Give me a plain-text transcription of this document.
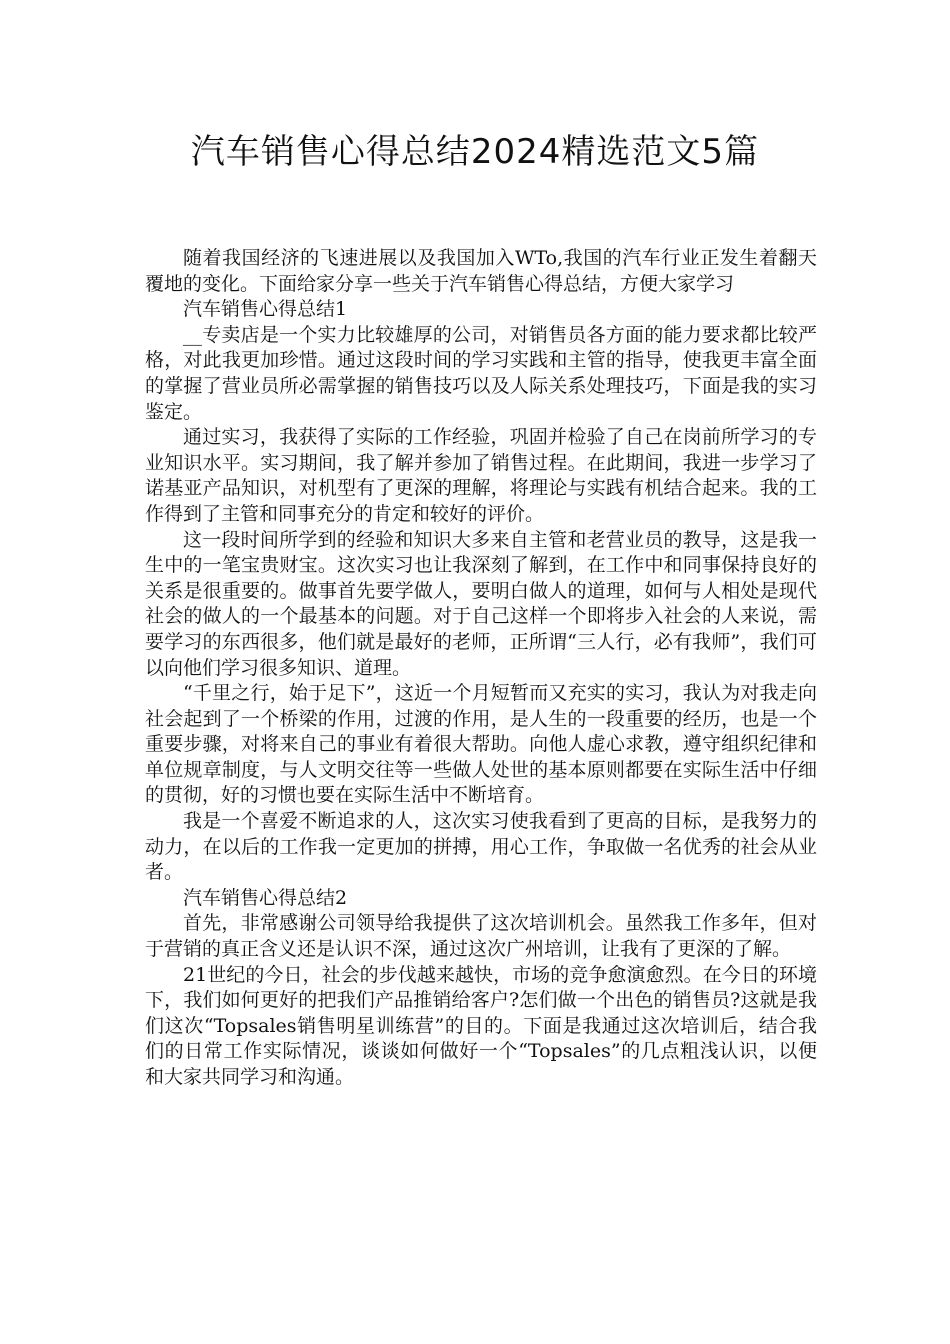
汽车销售心得总结2024精选范文5篇

随着我国经济的飞速进展以及我国加入WTo,我国的汽车行业正发生着翻天覆地的变化。下面给家分享一些关于汽车销售心得总结，方便大家学习

汽车销售心得总结1

__专卖店是一个实力比较雄厚的公司，对销售员各方面的能力要求都比较严格，对此我更加珍惜。通过这段时间的学习实践和主管的指导，使我更丰富全面的掌握了营业员所必需掌握的销售技巧以及人际关系处理技巧，下面是我的实习鉴定。

通过实习，我获得了实际的工作经验，巩固并检验了自己在岗前所学习的专业知识水平。实习期间，我了解并参加了销售过程。在此期间，我进一步学习了诺基亚产品知识，对机型有了更深的理解，将理论与实践有机结合起来。我的工作得到了主管和同事充分的肯定和较好的评价。

这一段时间所学到的经验和知识大多来自主管和老营业员的教导，这是我一生中的一笔宝贵财宝。这次实习也让我深刻了解到，在工作中和同事保持良好的关系是很重要的。做事首先要学做人，要明白做人的道理，如何与人相处是现代社会的做人的一个最基本的问题。对于自己这样一个即将步入社会的人来说，需要学习的东西很多，他们就是最好的老师，正所谓“三人行，必有我师”，我们可以向他们学习很多知识、道理。

“千里之行，始于足下”，这近一个月短暂而又充实的实习，我认为对我走向社会起到了一个桥梁的作用，过渡的作用，是人生的一段重要的经历，也是一个重要步骤，对将来自己的事业有着很大帮助。向他人虚心求教，遵守组织纪律和单位规章制度，与人文明交往等一些做人处世的基本原则都要在实际生活中仔细的贯彻，好的习惯也要在实际生活中不断培育。

我是一个喜爱不断追求的人，这次实习使我看到了更高的目标，是我努力的动力，在以后的工作我一定更加的拼搏，用心工作，争取做一名优秀的社会从业者。

汽车销售心得总结2

首先，非常感谢公司领导给我提供了这次培训机会。虽然我工作多年，但对于营销的真正含义还是认识不深，通过这次广州培训，让我有了更深的了解。

21世纪的今日，社会的步伐越来越快，市场的竞争愈演愈烈。在今日的环境下，我们如何更好的把我们产品推销给客户?怎们做一个出色的销售员?这就是我们这次“Topsales销售明星训练营”的目的。下面是我通过这次培训后，结合我们的日常工作实际情况，谈谈如何做好一个“Topsales”的几点粗浅认识，以便和大家共同学习和沟通。
